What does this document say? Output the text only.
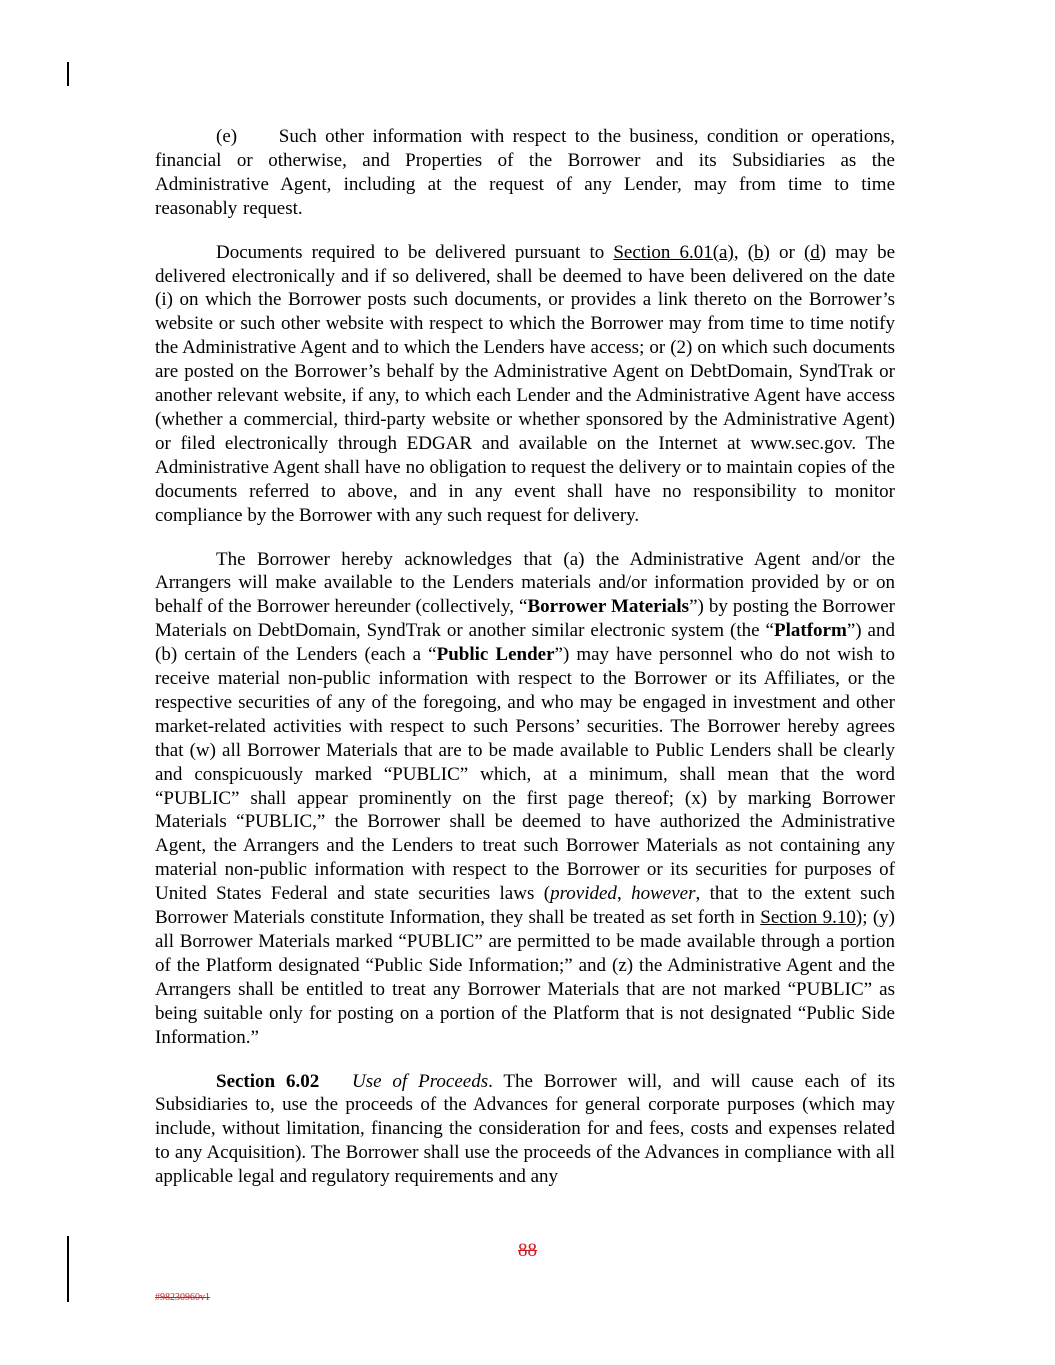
(e) Such other information with respect to the business, condition or operations, financial or otherwise, and Properties of the Borrower and its Subsidiaries as the Administrative Agent, including at the request of any Lender, may from time to time reasonably request.

Documents required to be delivered pursuant to Section 6.01(a), (b) or (d) may be delivered electronically and if so delivered, shall be deemed to have been delivered on the date (i) on which the Borrower posts such documents, or provides a link thereto on the Borrower’s website or such other website with respect to which the Borrower may from time to time notify the Administrative Agent and to which the Lenders have access; or (2) on which such documents are posted on the Borrower’s behalf by the Administrative Agent on DebtDomain, SyndTrak or another relevant website, if any, to which each Lender and the Administrative Agent have access (whether a commercial, third-party website or whether sponsored by the Administrative Agent) or filed electronically through EDGAR and available on the Internet at www.sec.gov. The Administrative Agent shall have no obligation to request the delivery or to maintain copies of the documents referred to above, and in any event shall have no responsibility to monitor compliance by the Borrower with any such request for delivery.

The Borrower hereby acknowledges that (a) the Administrative Agent and/or the Arrangers will make available to the Lenders materials and/or information provided by or on behalf of the Borrower hereunder (collectively, “Borrower Materials”) by posting the Borrower Materials on DebtDomain, SyndTrak or another similar electronic system (the “Platform”) and (b) certain of the Lenders (each a “Public Lender”) may have personnel who do not wish to receive material non-public information with respect to the Borrower or its Affiliates, or the respective securities of any of the foregoing, and who may be engaged in investment and other market-related activities with respect to such Persons’ securities. The Borrower hereby agrees that (w) all Borrower Materials that are to be made available to Public Lenders shall be clearly and conspicuously marked “PUBLIC” which, at a minimum, shall mean that the word “PUBLIC” shall appear prominently on the first page thereof; (x) by marking Borrower Materials “PUBLIC,” the Borrower shall be deemed to have authorized the Administrative Agent, the Arrangers and the Lenders to treat such Borrower Materials as not containing any material non-public information with respect to the Borrower or its securities for purposes of United States Federal and state securities laws (provided, however, that to the extent such Borrower Materials constitute Information, they shall be treated as set forth in Section 9.10); (y) all Borrower Materials marked “PUBLIC” are permitted to be made available through a portion of the Platform designated “Public Side Information;” and (z) the Administrative Agent and the Arrangers shall be entitled to treat any Borrower Materials that are not marked “PUBLIC” as being suitable only for posting on a portion of the Platform that is not designated “Public Side Information.”

Section 6.02 Use of Proceeds. The Borrower will, and will cause each of its Subsidiaries to, use the proceeds of the Advances for general corporate purposes (which may include, without limitation, financing the consideration for and fees, costs and expenses related to any Acquisition). The Borrower shall use the proceeds of the Advances in compliance with all applicable legal and regulatory requirements and any

88
#98230960v1
